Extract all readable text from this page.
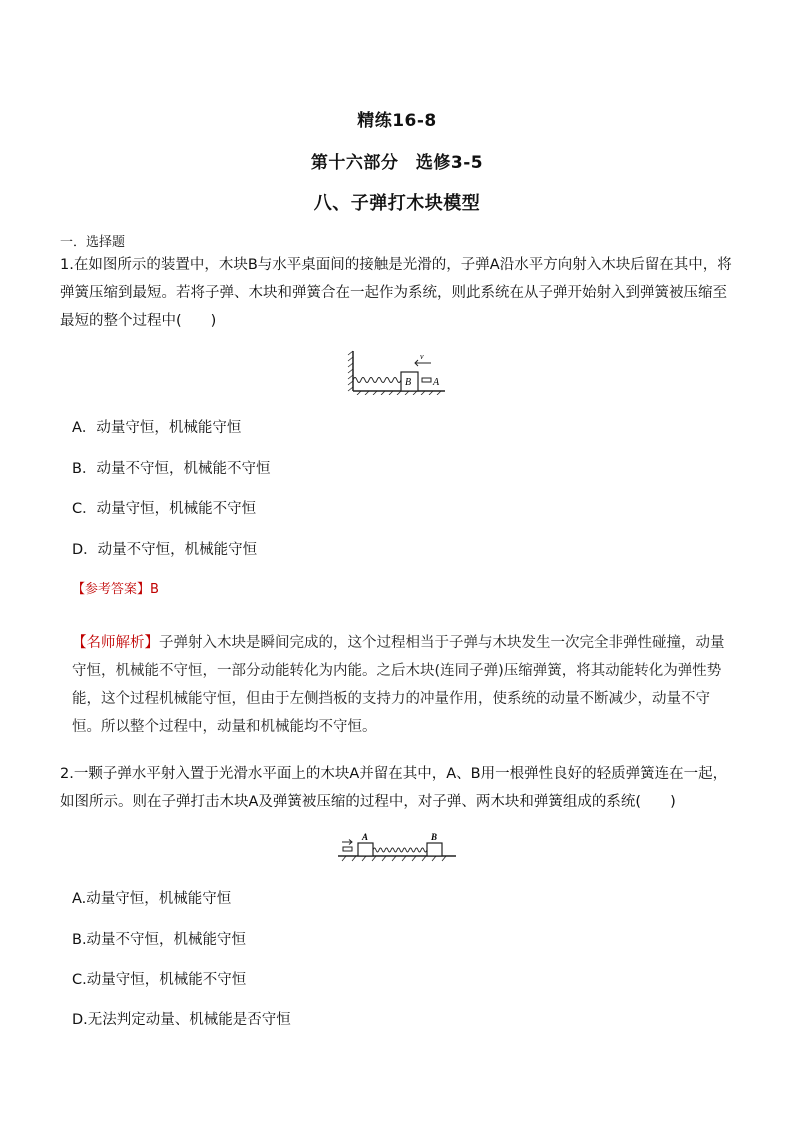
精练16-8
第十六部分　选修3-5
八、子弹打木块模型
一．选择题
1.在如图所示的装置中，木块B与水平桌面间的接触是光滑的，子弹A沿水平方向射入木块后留在其中，将弹簧压缩到最短。若将子弹、木块和弹簧合在一起作为系统，则此系统在从子弹开始射入到弹簧被压缩至最短的整个过程中(　　)
B A
v
A．动量守恒，机械能守恒
B．动量不守恒，机械能不守恒
C．动量守恒，机械能不守恒
D．动量不守恒，机械能守恒
【参考答案】B
【名师解析】子弹射入木块是瞬间完成的，这个过程相当于子弹与木块发生一次完全非弹性碰撞，动量守恒，机械能不守恒，一部分动能转化为内能。之后木块(连同子弹)压缩弹簧，将其动能转化为弹性势能，这个过程机械能守恒，但由于左侧挡板的支持力的冲量作用，使系统的动量不断减少，动量不守恒。所以整个过程中，动量和机械能均不守恒。
2.一颗子弹水平射入置于光滑水平面上的木块A并留在其中，A、B用一根弹性良好的轻质弹簧连在一起，如图所示。则在子弹打击木块A及弹簧被压缩的过程中，对子弹、两木块和弹簧组成的系统(　　)
A	B
A.动量守恒，机械能守恒
B.动量不守恒，机械能守恒
C.动量守恒，机械能不守恒
D.无法判定动量、机械能是否守恒
